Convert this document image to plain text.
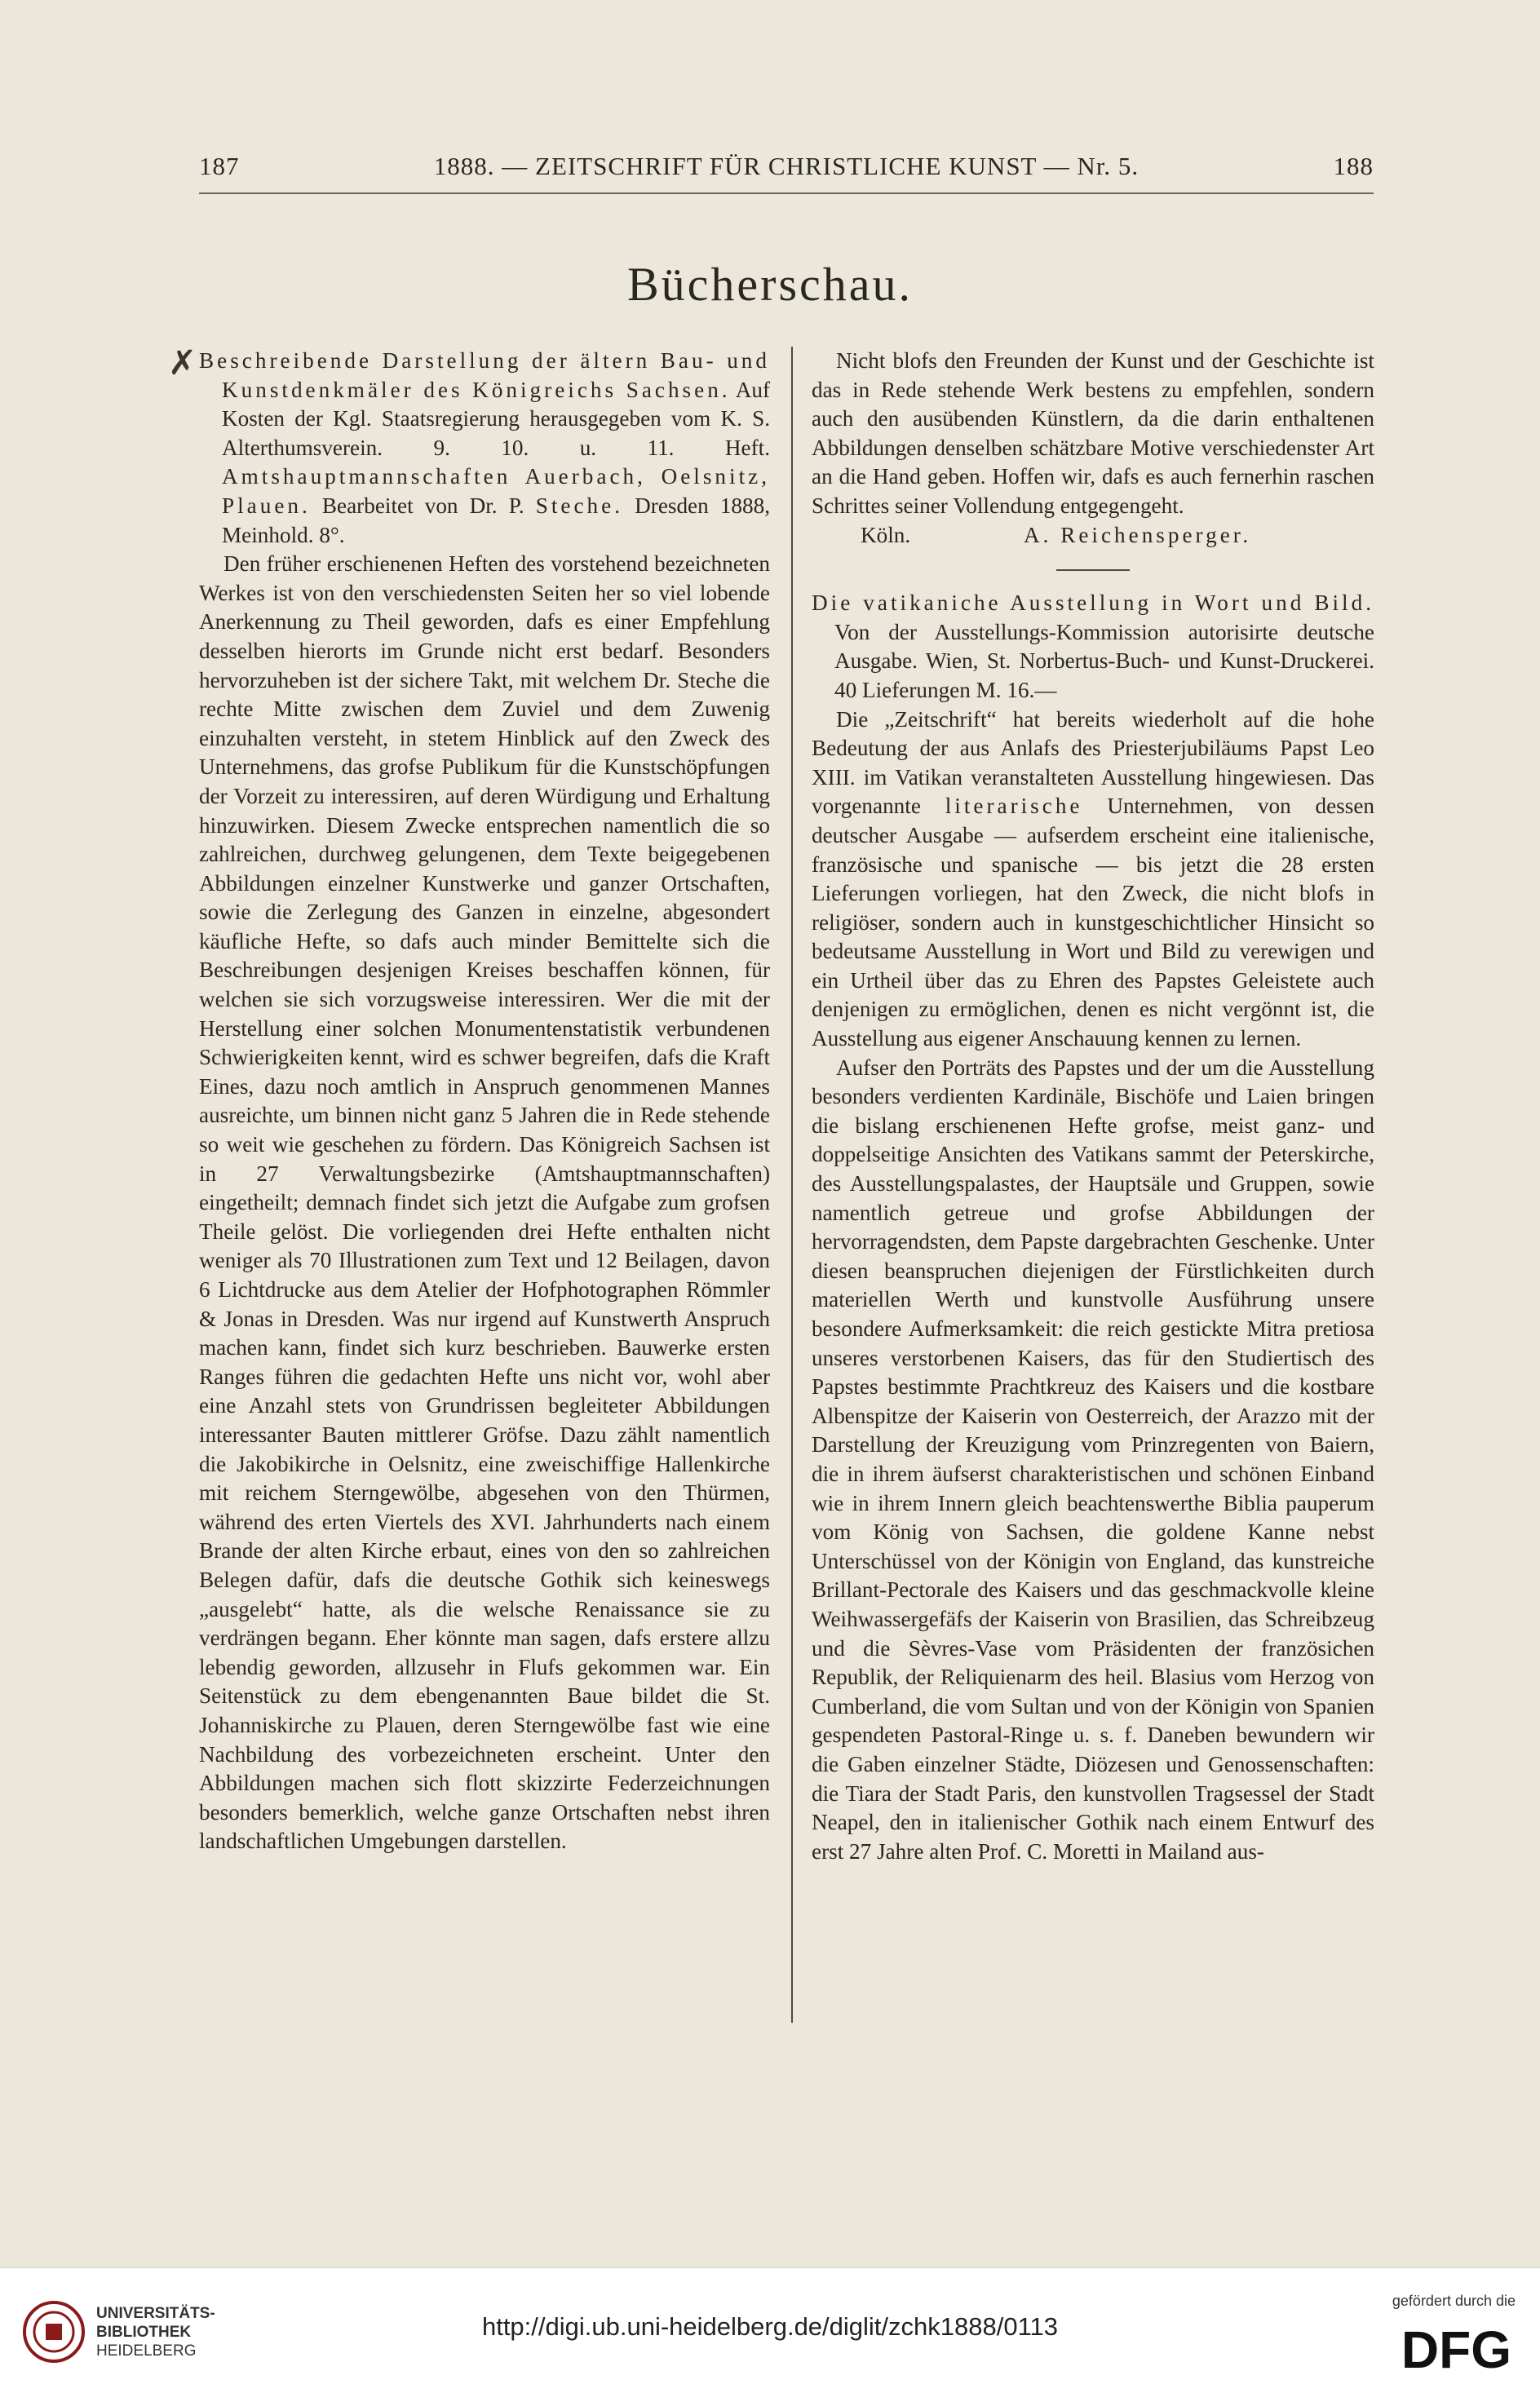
187	1888. — ZEITSCHRIFT FÜR CHRISTLICHE KUNST — Nr. 5.	188
Bücherschau.
✗ Beschreibende Darstellung der ältern Bau- und Kunstdenkmäler des Königreichs Sachsen. Auf Kosten der Kgl. Staatsregierung herausgegeben vom K. S. Alterthumsverein. 9. 10. u. 11. Heft. Amtshauptmannschaften Auerbach, Oelsnitz, Plauen. Bearbeitet von Dr. P. Steche. Dresden 1888, Meinhold. 8°.

Den früher erschienenen Heften des vorstehend bezeichneten Werkes ist von den verschiedensten Seiten her so viel lobende Anerkennung zu Theil geworden, dafs es einer Empfehlung desselben hierorts im Grunde nicht erst bedarf. Besonders hervorzuheben ist der sichere Takt, mit welchem Dr. Steche die rechte Mitte zwischen dem Zuviel und dem Zuwenig einzuhalten versteht, in stetem Hinblick auf den Zweck des Unternehmens, das grofse Publikum für die Kunstschöpfungen der Vorzeit zu interessiren, auf deren Würdigung und Erhaltung hinzuwirken. Diesem Zwecke entsprechen namentlich die so zahlreichen, durchweg gelungenen, dem Texte beigegebenen Abbildungen einzelner Kunstwerke und ganzer Ortschaften, sowie die Zerlegung des Ganzen in einzelne, abgesondert käufliche Hefte, so dafs auch minder Bemittelte sich die Beschreibungen desjenigen Kreises beschaffen können, für welchen sie sich vorzugsweise interessiren. Wer die mit der Herstellung einer solchen Monumentenstatistik verbundenen Schwierigkeiten kennt, wird es schwer begreifen, dafs die Kraft Eines, dazu noch amtlich in Anspruch genommenen Mannes ausreichte, um binnen nicht ganz 5 Jahren die in Rede stehende so weit wie geschehen zu fördern. Das Königreich Sachsen ist in 27 Verwaltungsbezirke (Amtshauptmannschaften) eingetheilt; demnach findet sich jetzt die Aufgabe zum grofsen Theile gelöst. Die vorliegenden drei Hefte enthalten nicht weniger als 70 Illustrationen zum Text und 12 Beilagen, davon 6 Lichtdrucke aus dem Atelier der Hofphotographen Römmler & Jonas in Dresden. Was nur irgend auf Kunstwerth Anspruch machen kann, findet sich kurz beschrieben. Bauwerke ersten Ranges führen die gedachten Hefte uns nicht vor, wohl aber eine Anzahl stets von Grundrissen begleiteter Abbildungen interessanter Bauten mittlerer Gröfse. Dazu zählt namentlich die Jakobikirche in Oelsnitz, eine zweischiffige Hallenkirche mit reichem Sterngewölbe, abgesehen von den Thürmen, während des erten Viertels des XVI. Jahrhunderts nach einem Brande der alten Kirche erbaut, eines von den so zahlreichen Belegen dafür, dafs die deutsche Gothik sich keineswegs „ausgelebt“ hatte, als die welsche Renaissance sie zu verdrängen begann. Eher könnte man sagen, dafs erstere allzu lebendig geworden, allzusehr in Flufs gekommen war. Ein Seitenstück zu dem ebengenannten Baue bildet die St. Johanniskirche zu Plauen, deren Sterngewölbe fast wie eine Nachbildung des vorbezeichneten erscheint. Unter den Abbildungen machen sich flott skizzirte Federzeichnungen besonders bemerklich, welche ganze Ortschaften nebst ihren landschaftlichen Umgebungen darstellen.

Nicht blofs den Freunden der Kunst und der Geschichte ist das in Rede stehende Werk bestens zu empfehlen, sondern auch den ausübenden Künstlern, da die darin enthaltenen Abbildungen denselben schätzbare Motive verschiedenster Art an die Hand geben. Hoffen wir, dafs es auch fernerhin raschen Schrittes seiner Vollendung entgegengeht.

Köln.	A. Reichensperger.

Die vatikaniche Ausstellung in Wort und Bild. Von der Ausstellungs-Kommission autorisirte deutsche Ausgabe. Wien, St. Norbertus-Buch- und Kunst-Druckerei. 40 Lieferungen M. 16.—

Die „Zeitschrift“ hat bereits wiederholt auf die hohe Bedeutung der aus Anlafs des Priesterjubiläums Papst Leo XIII. im Vatikan veranstalteten Ausstellung hingewiesen. Das vorgenannte literarische Unternehmen, von dessen deutscher Ausgabe — aufserdem erscheint eine italienische, französische und spanische — bis jetzt die 28 ersten Lieferungen vorliegen, hat den Zweck, die nicht blofs in religiöser, sondern auch in kunstgeschichtlicher Hinsicht so bedeutsame Ausstellung in Wort und Bild zu verewigen und ein Urtheil über das zu Ehren des Papstes Geleistete auch denjenigen zu ermöglichen, denen es nicht vergönnt ist, die Ausstellung aus eigener Anschauung kennen zu lernen.

Aufser den Porträts des Papstes und der um die Ausstellung besonders verdienten Kardinäle, Bischöfe und Laien bringen die bislang erschienenen Hefte grofse, meist ganz- und doppelseitige Ansichten des Vatikans sammt der Peterskirche, des Ausstellungspalastes, der Hauptsäle und Gruppen, sowie namentlich getreue und grofse Abbildungen der hervorragendsten, dem Papste dargebrachten Geschenke. Unter diesen beanspruchen diejenigen der Fürstlichkeiten durch materiellen Werth und kunstvolle Ausführung unsere besondere Aufmerksamkeit: die reich gestickte Mitra pretiosa unseres verstorbenen Kaisers, das für den Studiertisch des Papstes bestimmte Prachtkreuz des Kaisers und die kostbare Albenspitze der Kaiserin von Oesterreich, der Arazzo mit der Darstellung der Kreuzigung vom Prinzregenten von Baiern, die in ihrem äufserst charakteristischen und schönen Einband wie in ihrem Innern gleich beachtenswerthe Biblia pauperum vom König von Sachsen, die goldene Kanne nebst Unterschüssel von der Königin von England, das kunstreiche Brillant-Pectorale des Kaisers und das geschmackvolle kleine Weihwassergefäfs der Kaiserin von Brasilien, das Schreibzeug und die Sèvres-Vase vom Präsidenten der französichen Republik, der Reliquienarm des heil. Blasius vom Herzog von Cumberland, die vom Sultan und von der Königin von Spanien gespendeten Pastoral-Ringe u. s. f. Daneben bewundern wir die Gaben einzelner Städte, Diözesen und Genossenschaften: die Tiara der Stadt Paris, den kunstvollen Tragsessel der Stadt Neapel, den in italienischer Gothik nach einem Entwurf des erst 27 Jahre alten Prof. C. Moretti in Mailand aus-

UNIVERSITÄTS-
BIBLIOTHEK
HEIDELBERG
http://digi.ub.uni-heidelberg.de/diglit/zchk1888/0113
gefördert durch die
DFG
